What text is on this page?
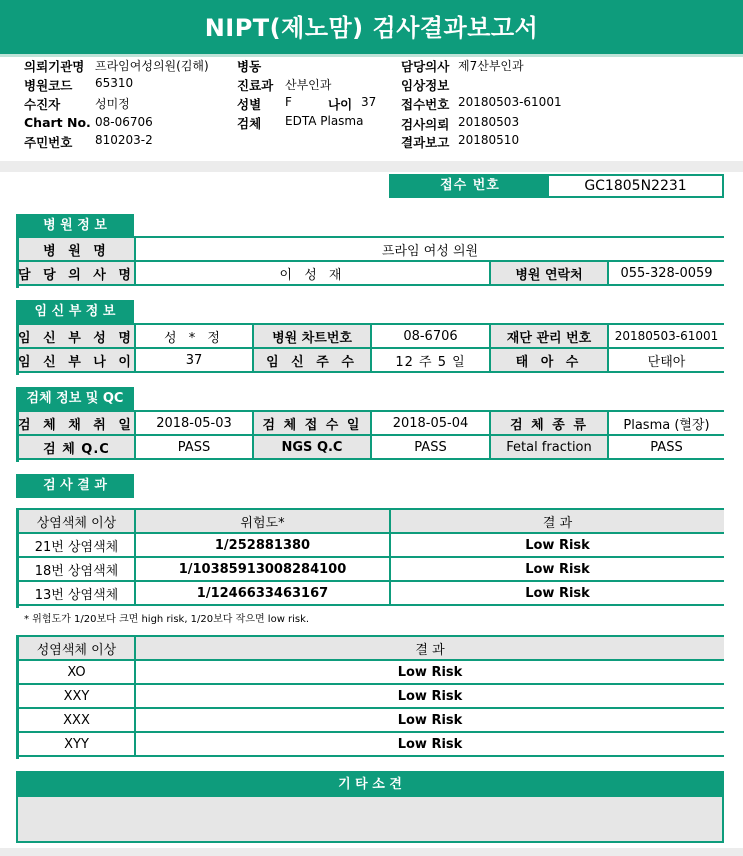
NIPT(제노맘) 검사결과보고서
의뢰기관명 프라임여성의원(김해)
병원코드 65310
수진자	성미정
Chart No. 08-06706
주민번호 810203-2
병동
진료과 산부인과
성별 F	나이 37
검체 EDTA Plasma
담당의사 제7산부인과
임상정보
접수번호 20180503-61001
검사의뢰 20180503
결과보고 20180510
접수 번호	GC1805N2231
병 원 정 보
병 원 명	프라임 여성 의원
담 당 의 사 명	이 성 재	병원 연락처	055-328-0059
임 신 부 정 보
임 신 부 성 명	성 * 정	병원 차트번호	08-6706	재단 관리 번호	20180503-61001
임 신 부 나 이	37	임 신 주 수	12 주 5 일	태 아 수	단태아
검체 정보 및 QC
검 체 채 취 일	2018-05-03	검 체 접 수 일	2018-05-04	검 체 종 류	Plasma (혈장)
검 체 Q.C	PASS	NGS Q.C	PASS	Fetal fraction	PASS
검 사 결 과
상염색체 이상	위험도*	결 과
21번 상염색체	1/252881380	Low Risk
18번 상염색체	1/10385913008284100	Low Risk
13번 상염색체	1/1246633463167	Low Risk
* 위험도가 1/20보다 크면 high risk, 1/20보다 작으면 low risk.
성염색체 이상	결 과
XO	Low Risk
XXY	Low Risk
XXX	Low Risk
XYY	Low Risk
기 타 소 견
